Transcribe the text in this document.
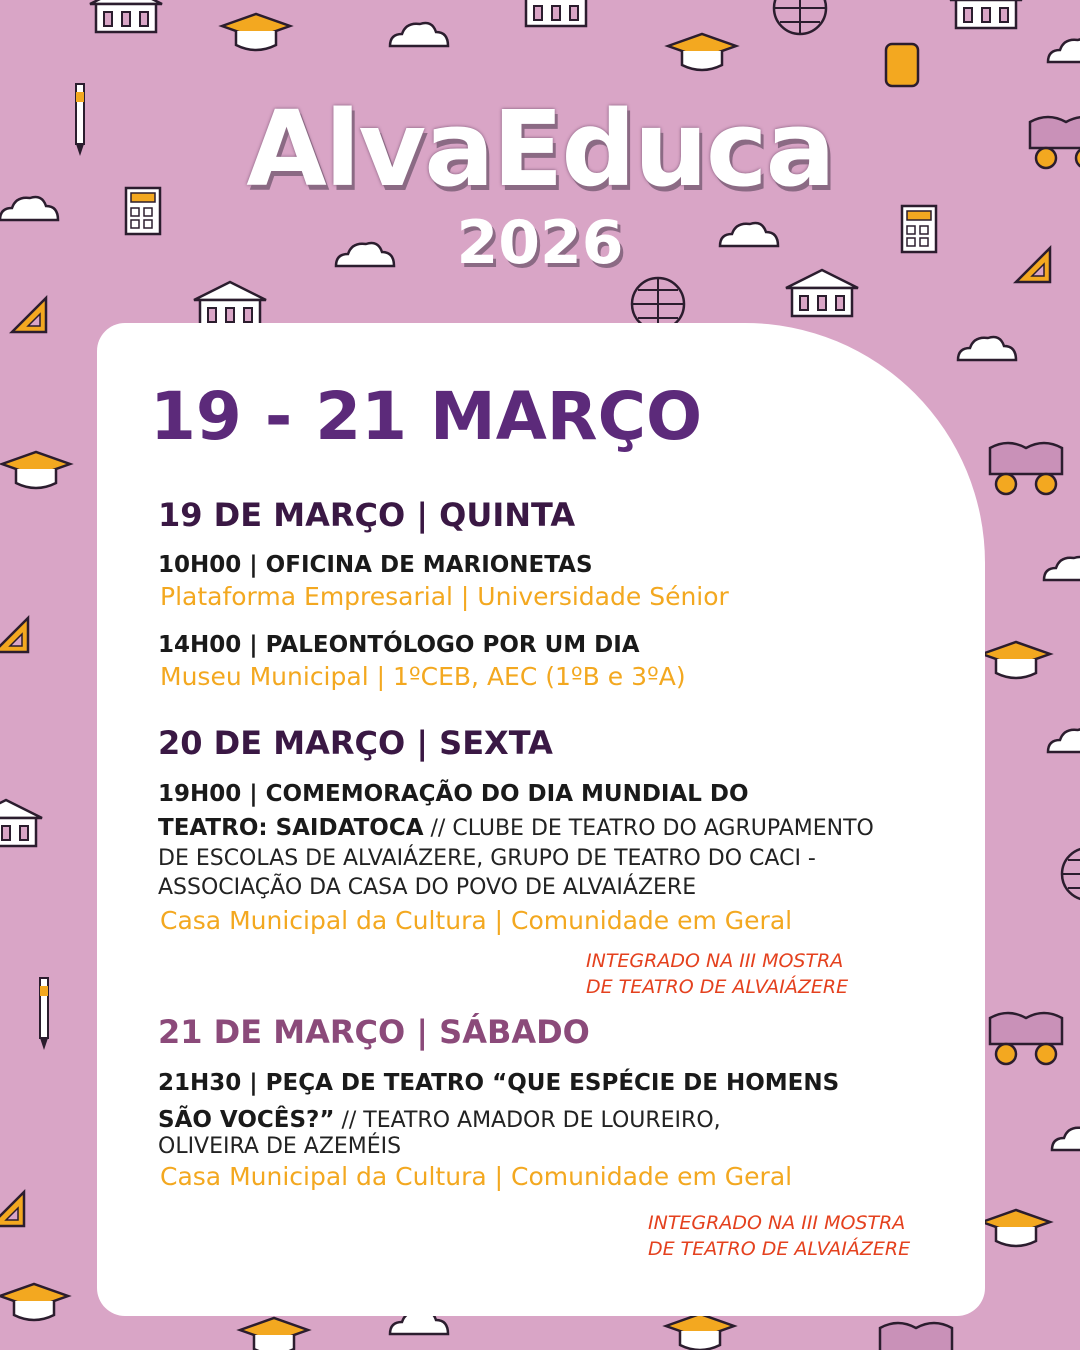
AlvaEduca
2026
19 - 21 MARÇO
19 DE MARÇO | QUINTA
10H00 | OFICINA DE MARIONETAS
Plataforma Empresarial | Universidade Sénior
14H00 | PALEONTÓLOGO POR UM DIA
Museu Municipal | 1ºCEB, AEC (1ºB e 3ºA)
20 DE MARÇO | SEXTA
19H00 | COMEMORAÇÃO DO DIA MUNDIAL DO
TEATRO: SAIDATOCA // CLUBE DE TEATRO DO AGRUPAMENTO
DE ESCOLAS DE ALVAIÁZERE, GRUPO DE TEATRO DO CACI -
ASSOCIAÇÃO DA CASA DO POVO DE ALVAIÁZERE
Casa Municipal da Cultura | Comunidade em Geral
INTEGRADO NA III MOSTRA
DE TEATRO DE ALVAIÁZERE
21 DE MARÇO | SÁBADO
21H30 | PEÇA DE TEATRO “QUE ESPÉCIE DE HOMENS
SÃO VOCÊS?” // TEATRO AMADOR DE LOUREIRO,
OLIVEIRA DE AZEMÉIS
Casa Municipal da Cultura | Comunidade em Geral
INTEGRADO NA III MOSTRA
DE TEATRO DE ALVAIÁZERE
